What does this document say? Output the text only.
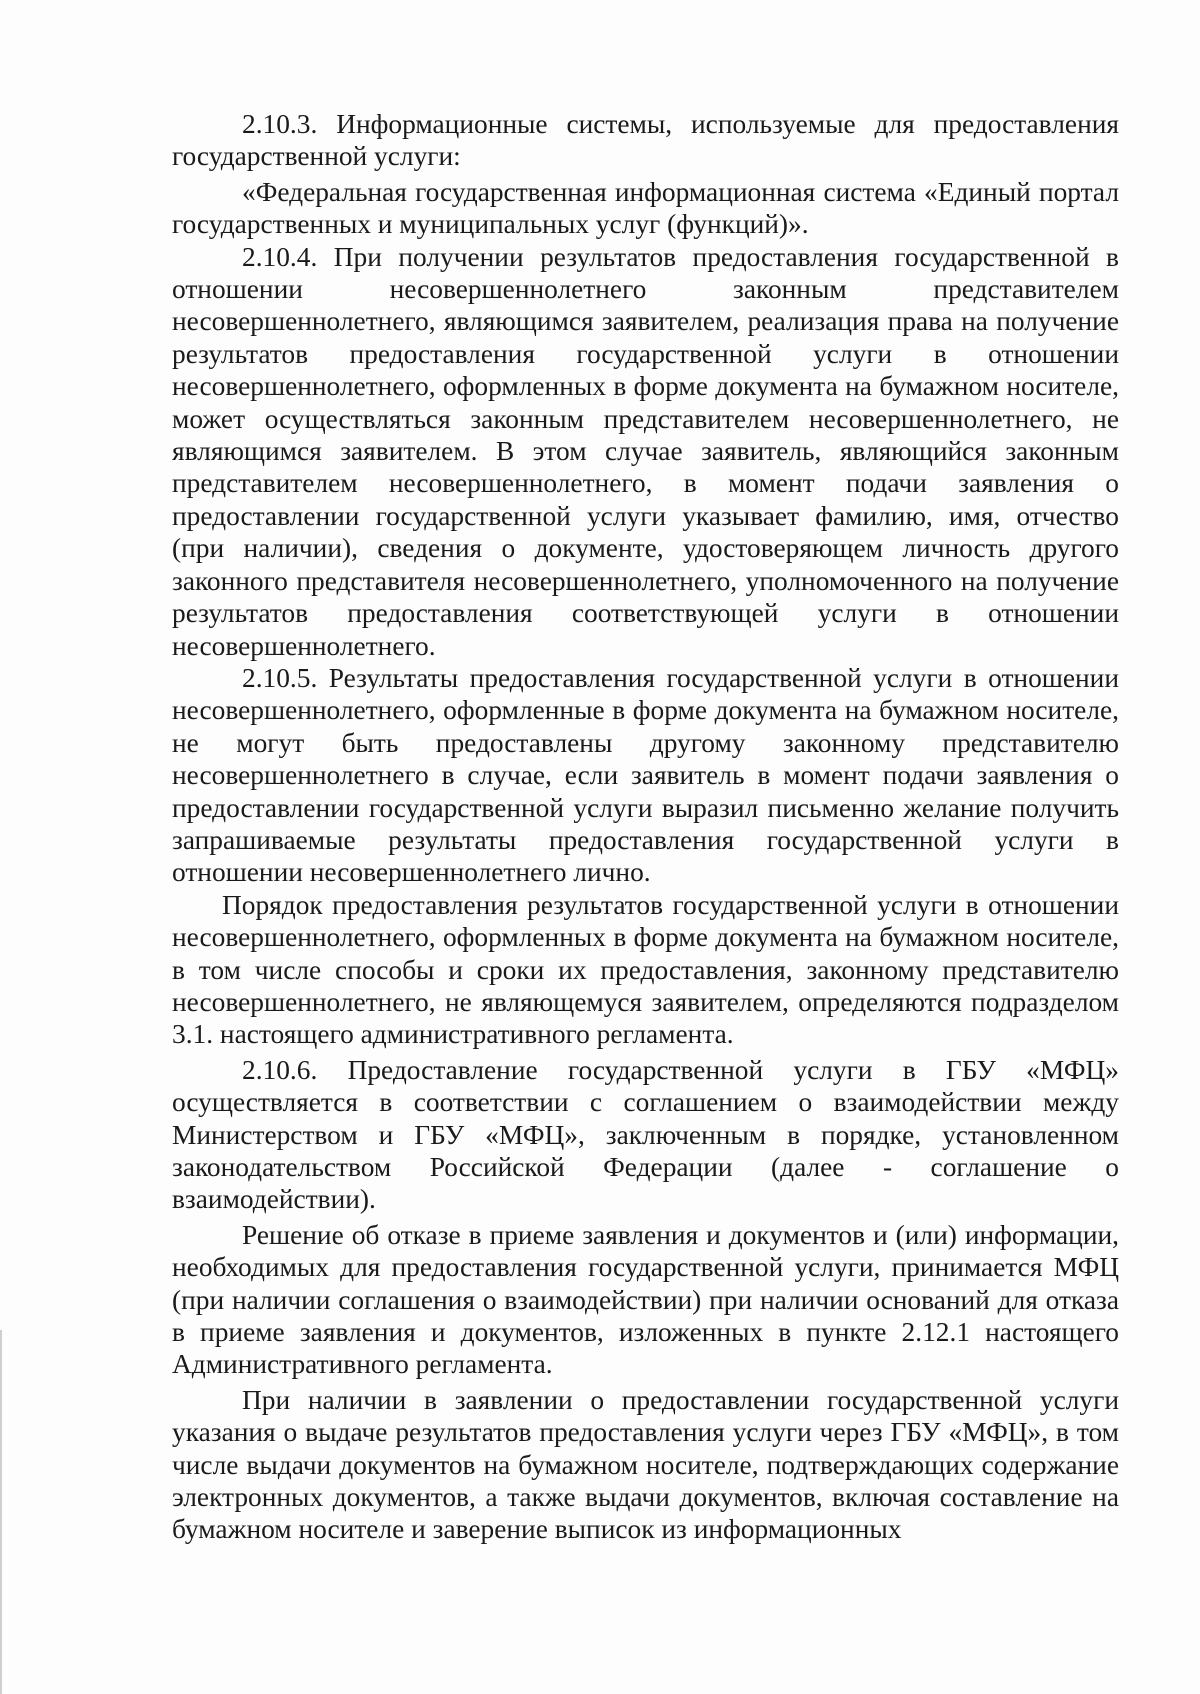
2.10.3. Информационные системы, используемые для предоставления государственной услуги:

«Федеральная государственная информационная система «Единый портал государственных и муниципальных услуг (функций)».

2.10.4. При получении результатов предоставления государственной в отношении несовершеннолетнего законным представителем несовершеннолетнего, являющимся заявителем, реализация права на получение результатов предоставления государственной услуги в отношении несовершеннолетнего, оформленных в форме документа на бумажном носителе, может осуществляться законным представителем несовершеннолетнего, не являющимся заявителем. В этом случае заявитель, являющийся законным представителем несовершеннолетнего, в момент подачи заявления о предоставлении государственной услуги указывает фамилию, имя, отчество (при наличии), сведения о документе, удостоверяющем личность другого законного представителя несовершеннолетнего, уполномоченного на получение результатов предоставления соответствующей услуги в отношении несовершеннолетнего.

2.10.5. Результаты предоставления государственной услуги в отношении несовершеннолетнего, оформленные в форме документа на бумажном носителе, не могут быть предоставлены другому законному представителю несовершеннолетнего в случае, если заявитель в момент подачи заявления о предоставлении государственной услуги выразил письменно желание получить запрашиваемые результаты предоставления государственной услуги в отношении несовершеннолетнего лично.

Порядок предоставления результатов государственной услуги в отношении несовершеннолетнего, оформленных в форме документа на бумажном носителе, в том числе способы и сроки их предоставления, законному представителю несовершеннолетнего, не являющемуся заявителем, определяются подразделом 3.1. настоящего административного регламента.

2.10.6. Предоставление государственной услуги в ГБУ «МФЦ» осуществляется в соответствии с соглашением о взаимодействии между Министерством и ГБУ «МФЦ», заключенным в порядке, установленном законодательством Российской Федерации (далее - соглашение о взаимодействии).

Решение об отказе в приеме заявления и документов и (или) информации, необходимых для предоставления государственной услуги, принимается МФЦ (при наличии соглашения о взаимодействии) при наличии оснований для отказа в приеме заявления и документов, изложенных в пункте 2.12.1 настоящего Административного регламента.

При наличии в заявлении о предоставлении государственной услуги указания о выдаче результатов предоставления услуги через ГБУ «МФЦ», в том числе выдачи документов на бумажном носителе, подтверждающих содержание электронных документов, а также выдачи документов, включая составление на бумажном носителе и заверение выписок из информационных
